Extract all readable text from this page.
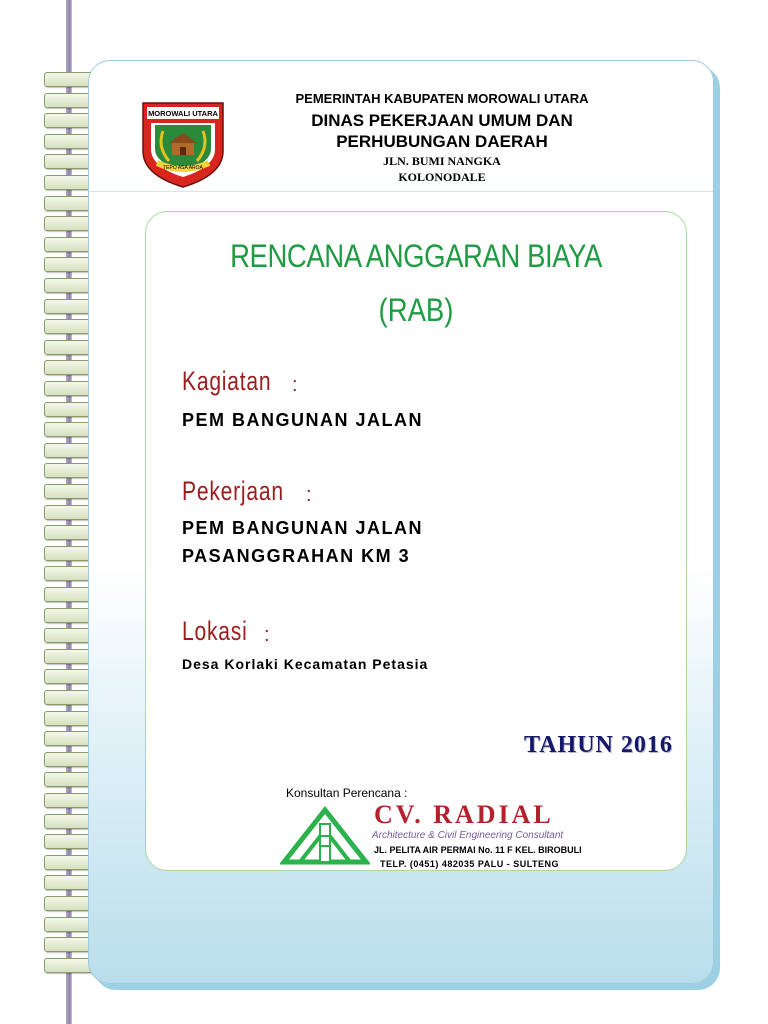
MOROWALI UTARA
TEPO ASA AROA
PEMERINTAH KABUPATEN MOROWALI UTARA
DINAS PEKERJAAN UMUM DAN
PERHUBUNGAN DAERAH
JLN. BUMI NANGKA
KOLONODALE
RENCANA ANGGARAN BIAYA
(RAB)
Kagiatan :
PEM BANGUNAN JALAN
Pekerjaan :
PEM BANGUNAN JALAN
PASANGGRAHAN KM 3
Lokasi :
Desa Korlaki Kecamatan Petasia
TAHUN 2016
Konsultan Perencana :
CV. RADIAL
Architecture & Civil Engineering Consultant
JL. PELITA AIR PERMAI No. 11 F KEL. BIROBULI
TELP. (0451) 482035 PALU - SULTENG
